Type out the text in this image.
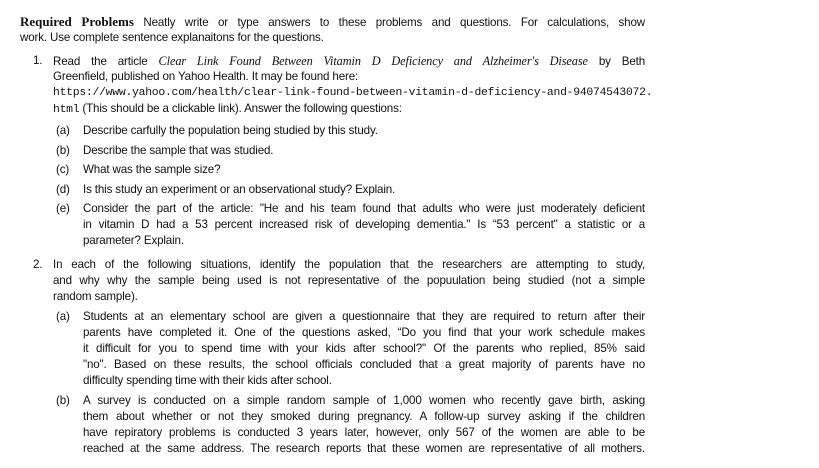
Required Problems Neatly write or type answers to these problems and questions. For calculations, show
work. Use complete sentence explanaitons for the questions.
1. Read the article Clear Link Found Between Vitamin D Deficiency and Alzheimer's Disease by Beth
Greenfield, published on Yahoo Health. It may be found here:
https://www.yahoo.com/health/clear-link-found-between-vitamin-d-deficiency-and-94074543072.
html (This should be a clickable link). Answer the following questions:
(a) Describe carfully the population being studied by this study.
(b) Describe the sample that was studied.
(c) What was the sample size?
(d) Is this study an experiment or an observational study? Explain.
(e) Consider the part of the article: "He and his team found that adults who were just moderately deficient
in vitamin D had a 53 percent increased risk of developing dementia." Is “53 percent" a statistic or a
parameter? Explain.
2. In each of the following situations, identify the population that the researchers are attempting to study,
and why why the sample being used is not representative of the popuulation being studied (not a simple
random sample).
(a) Students at an elementary school are given a questionnaire that they are required to return after their
parents have completed it. One of the questions asked, “Do you find that your work schedule makes
it difficult for you to spend time with your kids after school?" Of the parents who replied, 85% said
"no". Based on these results, the school officials concluded that a great majority of parents have no
difficulty spending time with their kids after school.
(b) A survey is conducted on a simple random sample of 1,000 women who recently gave birth, asking
them about whether or not they smoked during pregnancy. A follow-up survey asking if the children
have repiratory problems is conducted 3 years later, however, only 567 of the women are able to be
reached at the same address. The research reports that these women are representative of all mothers.
